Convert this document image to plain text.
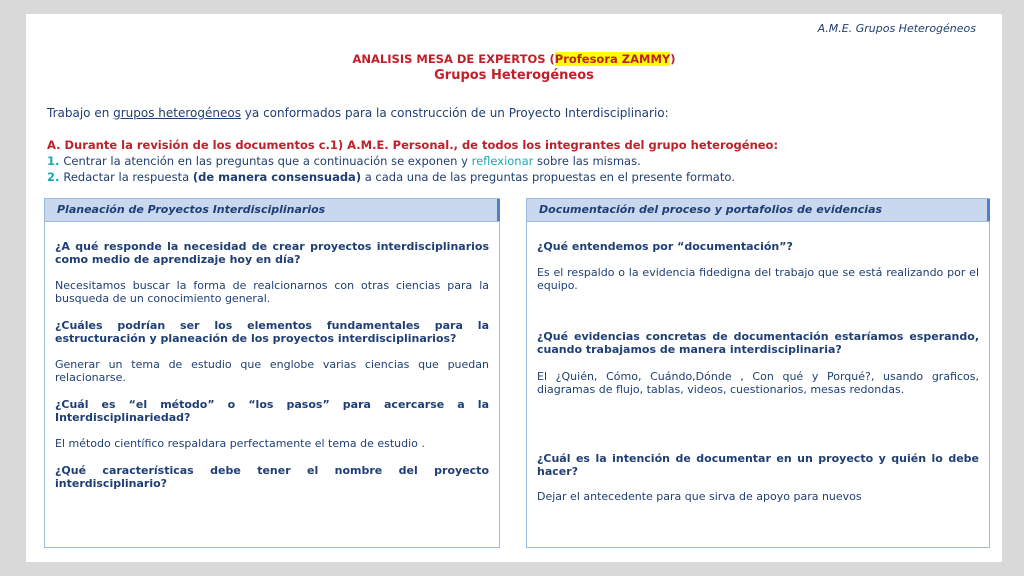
A.M.E. Grupos Heterogéneos
ANALISIS MESA DE EXPERTOS (Profesora ZAMMY)
Grupos Heterogéneos
Trabajo en grupos heterogéneos ya conformados para la construcción de un Proyecto Interdisciplinario:
A. Durante la revisión de los documentos c.1) A.M.E. Personal., de todos los integrantes del grupo heterogéneo:
1. Centrar la atención en las preguntas que a continuación se exponen y reflexionar sobre las mismas.
2. Redactar la respuesta (de manera consensuada) a cada una de las preguntas propuestas en el presente formato.
Planeación de Proyectos Interdisciplinarios
¿A qué responde la necesidad de crear proyectos interdisciplinarios como medio de aprendizaje hoy en día?
Necesitamos buscar la forma de realcionarnos con otras ciencias para la busqueda de un conocimiento general.
¿Cuáles podrían ser los elementos fundamentales para la estructuración y planeación de los proyectos interdisciplinarios?
Generar un tema de estudio que englobe varias ciencias que puedan relacionarse.
¿Cuál es “el método” o “los pasos” para acercarse a la Interdisciplinariedad?
El método científico respaldara perfectamente el tema de estudio .
¿Qué características debe tener el nombre del proyecto interdisciplinario?
Documentación del proceso y portafolios de evidencias
¿Qué entendemos por “documentación”?
Es el respaldo o la evidencia fidedigna del trabajo que se está realizando por el equipo.
¿Qué evidencias concretas de documentación estaríamos esperando, cuando trabajamos de manera interdisciplinaria?
El ¿Quién, Cómo, Cuándo,Dónde , Con qué y Porqué?, usando graficos, diagramas de flujo, tablas, videos, cuestionarios, mesas redondas.
¿Cuál es la intención de documentar en un proyecto y quién lo debe hacer?
Dejar el antecedente para que sirva de apoyo para nuevos
